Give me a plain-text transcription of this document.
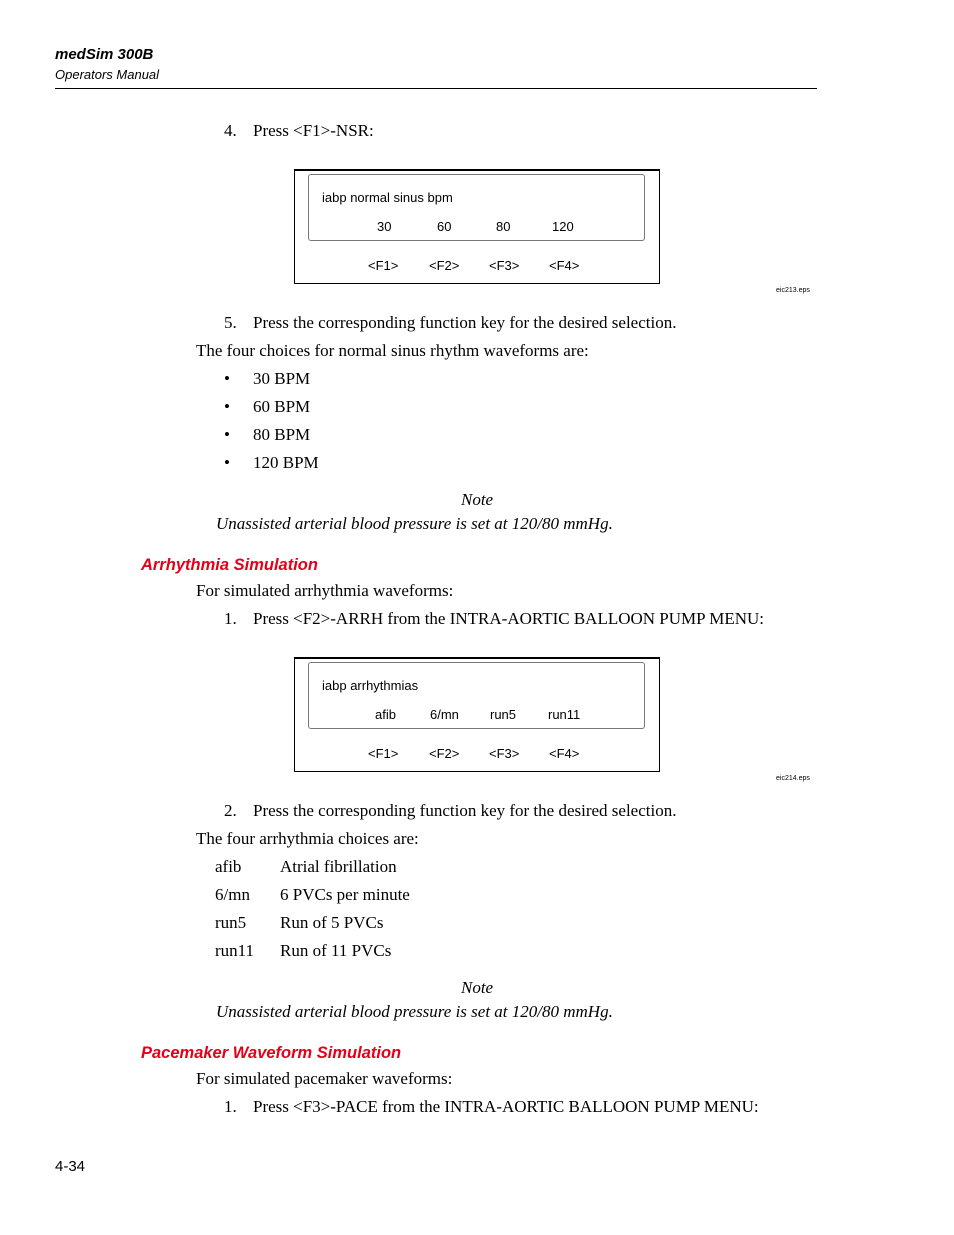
medSim 300B
Operators Manual
4. Press <F1>-NSR:
iabp normal sinus bpm
30	60	80	120
<F1> <F2> <F3> <F4>
eic213.eps
5. Press the corresponding function key for the desired selection.
The four choices for normal sinus rhythm waveforms are:
• 30 BPM
• 60 BPM
• 80 BPM
• 120 BPM
Note
Unassisted arterial blood pressure is set at 120/80 mmHg.
Arrhythmia Simulation
For simulated arrhythmia waveforms:
1. Press <F2>-ARRH from the INTRA-AORTIC BALLOON PUMP MENU:
iabp arrhythmias
afib	6/mn run5 run11
<F1> <F2> <F3> <F4>
eic214.eps
2. Press the corresponding function key for the desired selection.
The four arrhythmia choices are:
afib Atrial fibrillation
6/mn 6 PVCs per minute
run5 Run of 5 PVCs
run11 Run of 11 PVCs
Note
Unassisted arterial blood pressure is set at 120/80 mmHg.
Pacemaker Waveform Simulation
For simulated pacemaker waveforms:
1. Press <F3>-PACE from the INTRA-AORTIC BALLOON PUMP MENU:
4-34
